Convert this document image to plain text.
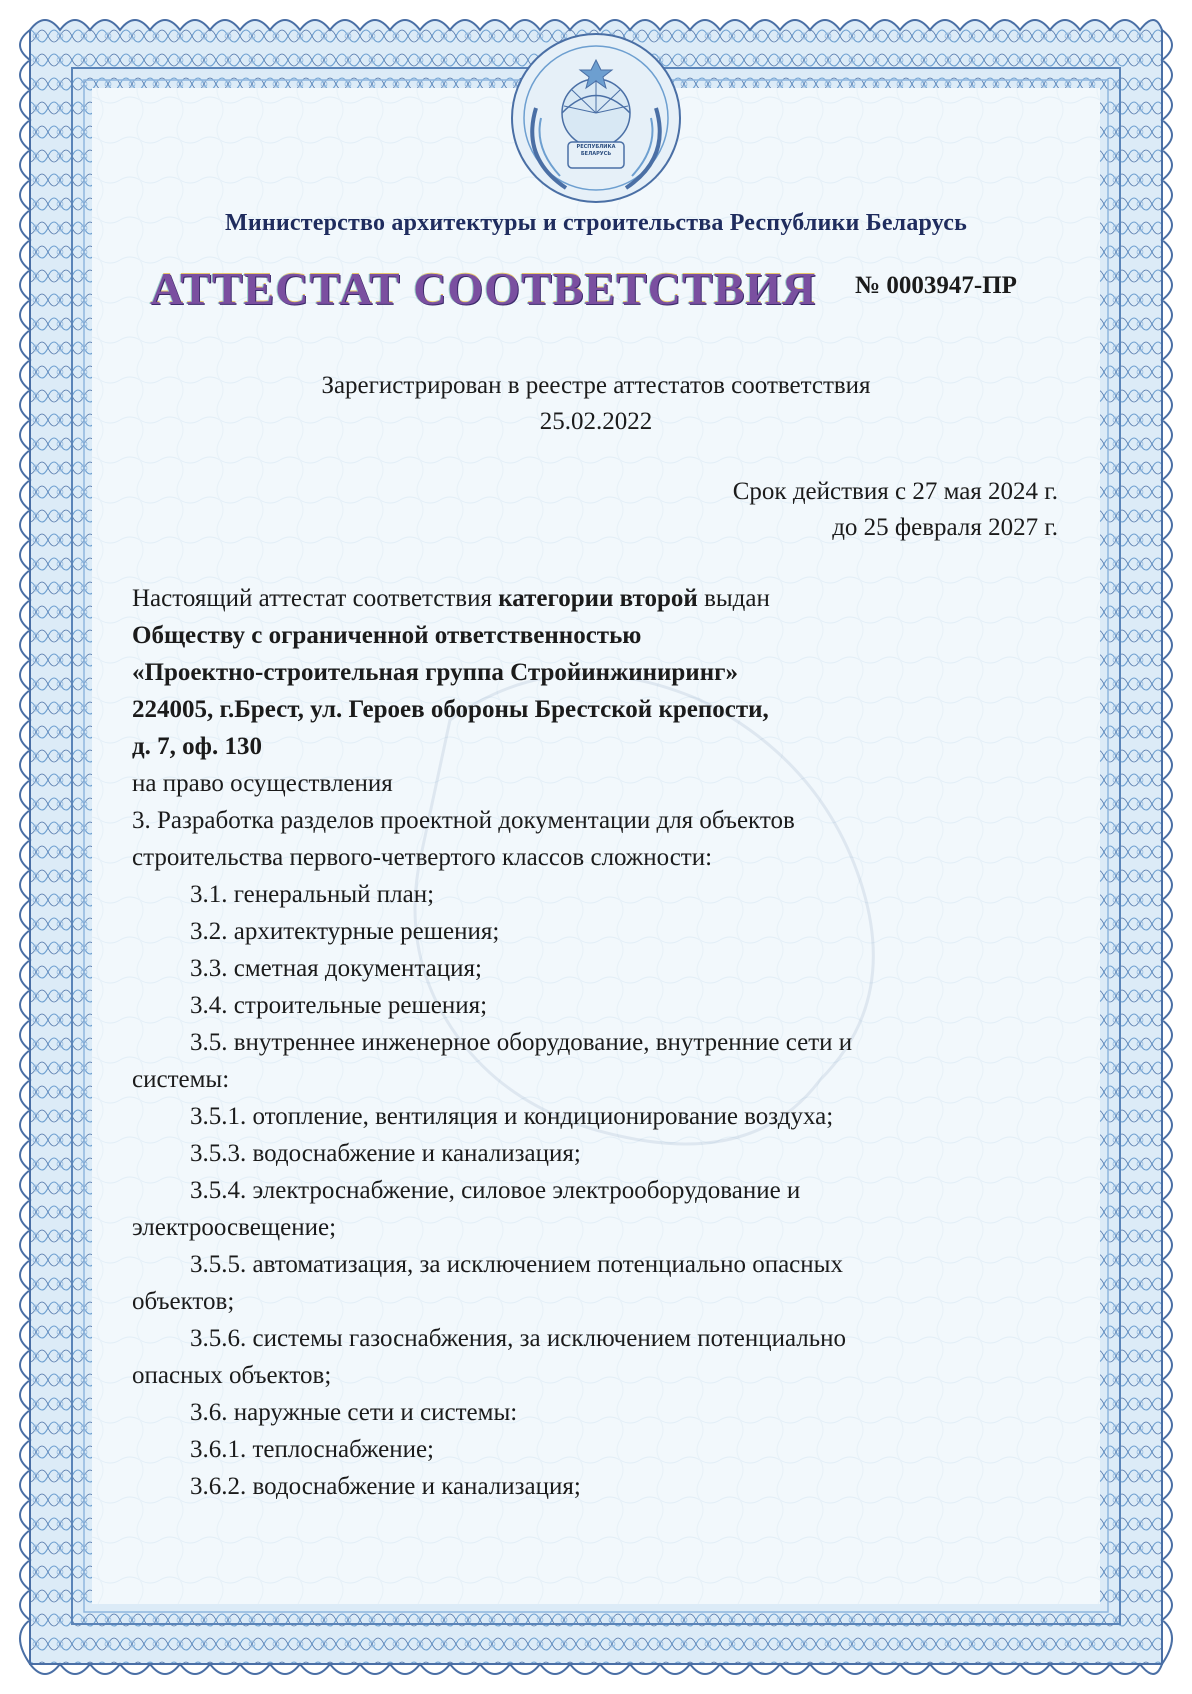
РЕСПУБЛИКА БЕЛАРУСЬ
Министерство архитектуры и строительства Республики Беларусь
АТТЕСТАТ СООТВЕТСТВИЯ № 0003947-ПР
Зарегистрирован в реестре аттестатов соответствия
25.02.2022
Срок действия с 27 мая 2024 г.
до 25 февраля 2027 г.
Настоящий аттестат соответствия категории второй выдан
Обществу с ограниченной ответственностью
«Проектно-строительная группа Стройинжиниринг»
224005, г.Брест, ул. Героев обороны Брестской крепости,
д. 7, оф. 130
на право осуществления
3. Разработка разделов проектной документации для объектов
строительства первого-четвертого классов сложности:
3.1. генеральный план;
3.2. архитектурные решения;
3.3. сметная документация;
3.4. строительные решения;
3.5. внутреннее инженерное оборудование, внутренние сети и
системы:
3.5.1. отопление, вентиляция и кондиционирование воздуха;
3.5.3. водоснабжение и канализация;
3.5.4. электроснабжение, силовое электрооборудование и
электроосвещение;
3.5.5. автоматизация, за исключением потенциально опасных
объектов;
3.5.6. системы газоснабжения, за исключением потенциально
опасных объектов;
3.6. наружные сети и системы:
3.6.1. теплоснабжение;
3.6.2. водоснабжение и канализация;
